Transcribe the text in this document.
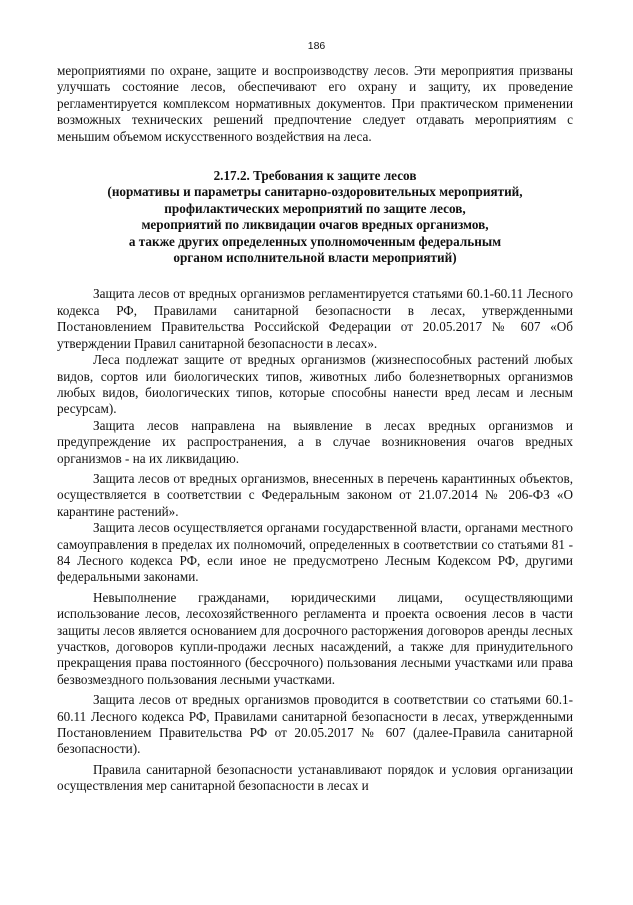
186

мероприятиями по охране, защите и воспроизводству лесов. Эти мероприятия призваны улучшать состояние лесов, обеспечивают его охрану и защиту, их проведение регламентируется комплексом нормативных документов. При практическом применении возможных технических решений предпочтение следует отдавать мероприятиям с меньшим объемом искусственного воздействия на леса.

2.17.2. Требования к защите лесов
(нормативы и параметры санитарно-оздоровительных мероприятий,
профилактических мероприятий по защите лесов,
мероприятий по ликвидации очагов вредных организмов,
а также других определенных уполномоченным федеральным
органом исполнительной власти мероприятий)

Защита лесов от вредных организмов регламентируется статьями 60.1-60.11 Лесного кодекса РФ, Правилами санитарной безопасности в лесах, утвержденными Постановлением Правительства Российской Федерации от 20.05.2017 № 607 «Об утверждении Правил санитарной безопасности в лесах».

Леса подлежат защите от вредных организмов (жизнеспособных растений любых видов, сортов или биологических типов, животных либо болезнетворных организмов любых видов, биологических типов, которые способны нанести вред лесам и лесным ресурсам).

Защита лесов направлена на выявление в лесах вредных организмов и предупреждение их распространения, а в случае возникновения очагов вредных организмов - на их ликвидацию.

Защита лесов от вредных организмов, внесенных в перечень карантинных объектов, осуществляется в соответствии с Федеральным законом от 21.07.2014 № 206-ФЗ «О карантине растений».

Защита лесов осуществляется органами государственной власти, органами местного самоуправления в пределах их полномочий, определенных в соответствии со статьями 81 - 84 Лесного кодекса РФ, если иное не предусмотрено Лесным Кодексом РФ, другими федеральными законами.

Невыполнение гражданами, юридическими лицами, осуществляющими использование лесов, лесохозяйственного регламента и проекта освоения лесов в части защиты лесов является основанием для досрочного расторжения договоров аренды лесных участков, договоров купли-продажи лесных насаждений, а также для принудительного прекращения права постоянного (бессрочного) пользования лесными участками или права безвозмездного пользования лесными участками.

Защита лесов от вредных организмов проводится в соответствии со статьями 60.1-60.11 Лесного кодекса РФ, Правилами санитарной безопасности в лесах, утвержденными Постановлением Правительства РФ от 20.05.2017 № 607 (далее-Правила санитарной безопасности).

Правила санитарной безопасности устанавливают порядок и условия организации осуществления мер санитарной безопасности в лесах и
